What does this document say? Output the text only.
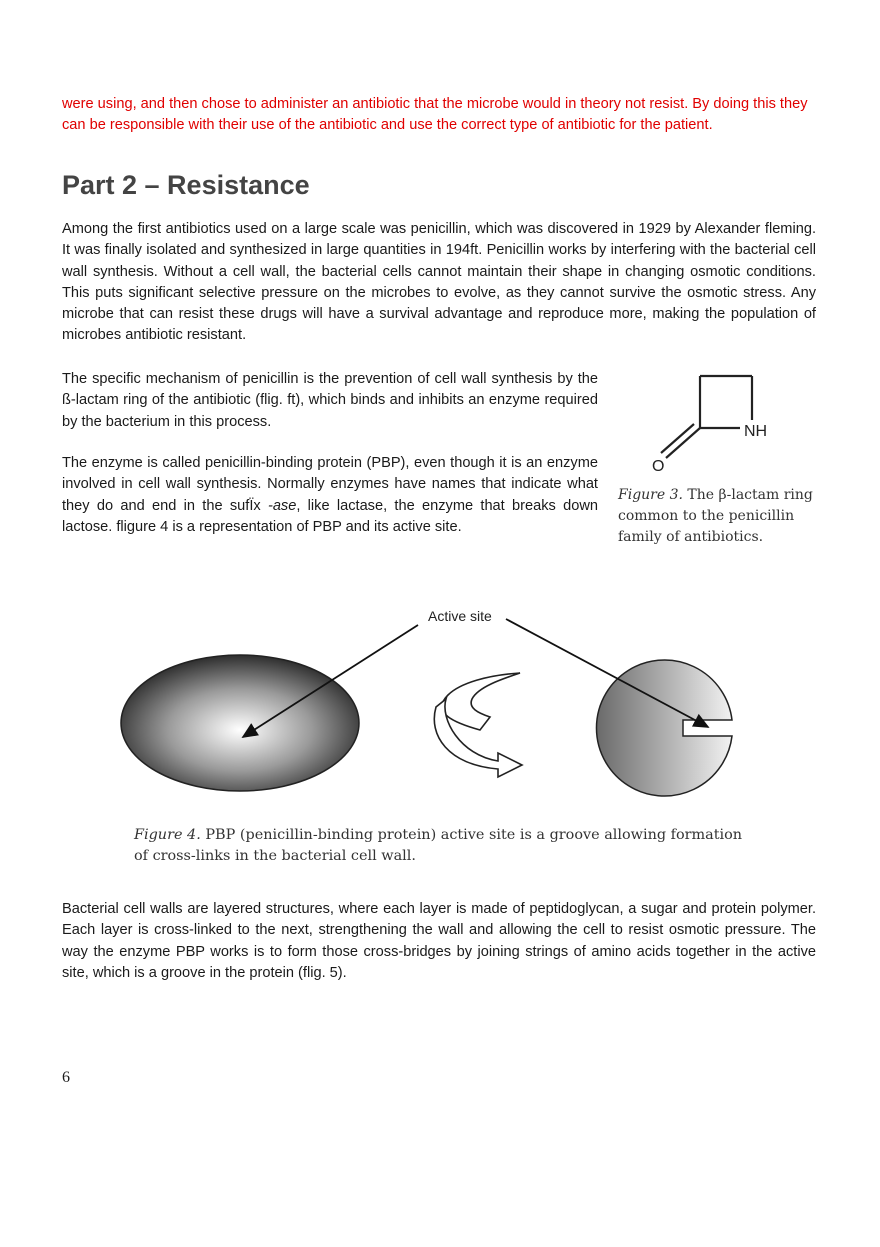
were using, and then chose to administer an antibiotic that the microbe would in theory not resist. By doing this they can be responsible with their use of the antibiotic and use the correct type of antibiotic for the patient.

Part 2 – Resistance

Among the first antibiotics used on a large scale was penicillin, which was discovered in 1929 by Alexander fleming. It was finally isolated and synthesized in large quantities in 194ft. Penicillin works by interfering with the bacterial cell wall synthesis. Without a cell wall, the bacterial cells cannot maintain their shape in changing osmotic conditions. This puts significant selective pressure on the microbes to evolve, as they cannot survive the osmotic stress. Any microbe that can resist these drugs will have a survival advantage and reproduce more, making the population of microbes antibiotic resistant.

The specific mechanism of penicillin is the prevention of cell wall synthesis by the ß-lactam ring of the antibiotic (flig. ft), which binds and inhibits an enzyme required by the bacterium in this process.

The enzyme is called penicillin-binding protein (PBP), even though it is an enzyme involved in cell wall synthesis. Normally enzymes have names that indicate what they do and end in the sufÏx -ase, like lactase, the enzyme that breaks down lactose. fligure 4 is a representation of PBP and its active site.

NH
O
Figure 3. The β-lactam ring common to the penicillin family of antibiotics.
Active site
Figure 4. PBP (penicillin-binding protein) active site is a groove allowing formation of cross-links in the bacterial cell wall.

Bacterial cell walls are layered structures, where each layer is made of peptidoglycan, a sugar and protein polymer. Each layer is cross-linked to the next, strengthening the wall and allowing the cell to resist osmotic pressure. The way the enzyme PBP works is to form those cross-bridges by joining strings of amino acids together in the active site, which is a groove in the protein (flig. 5).

6
